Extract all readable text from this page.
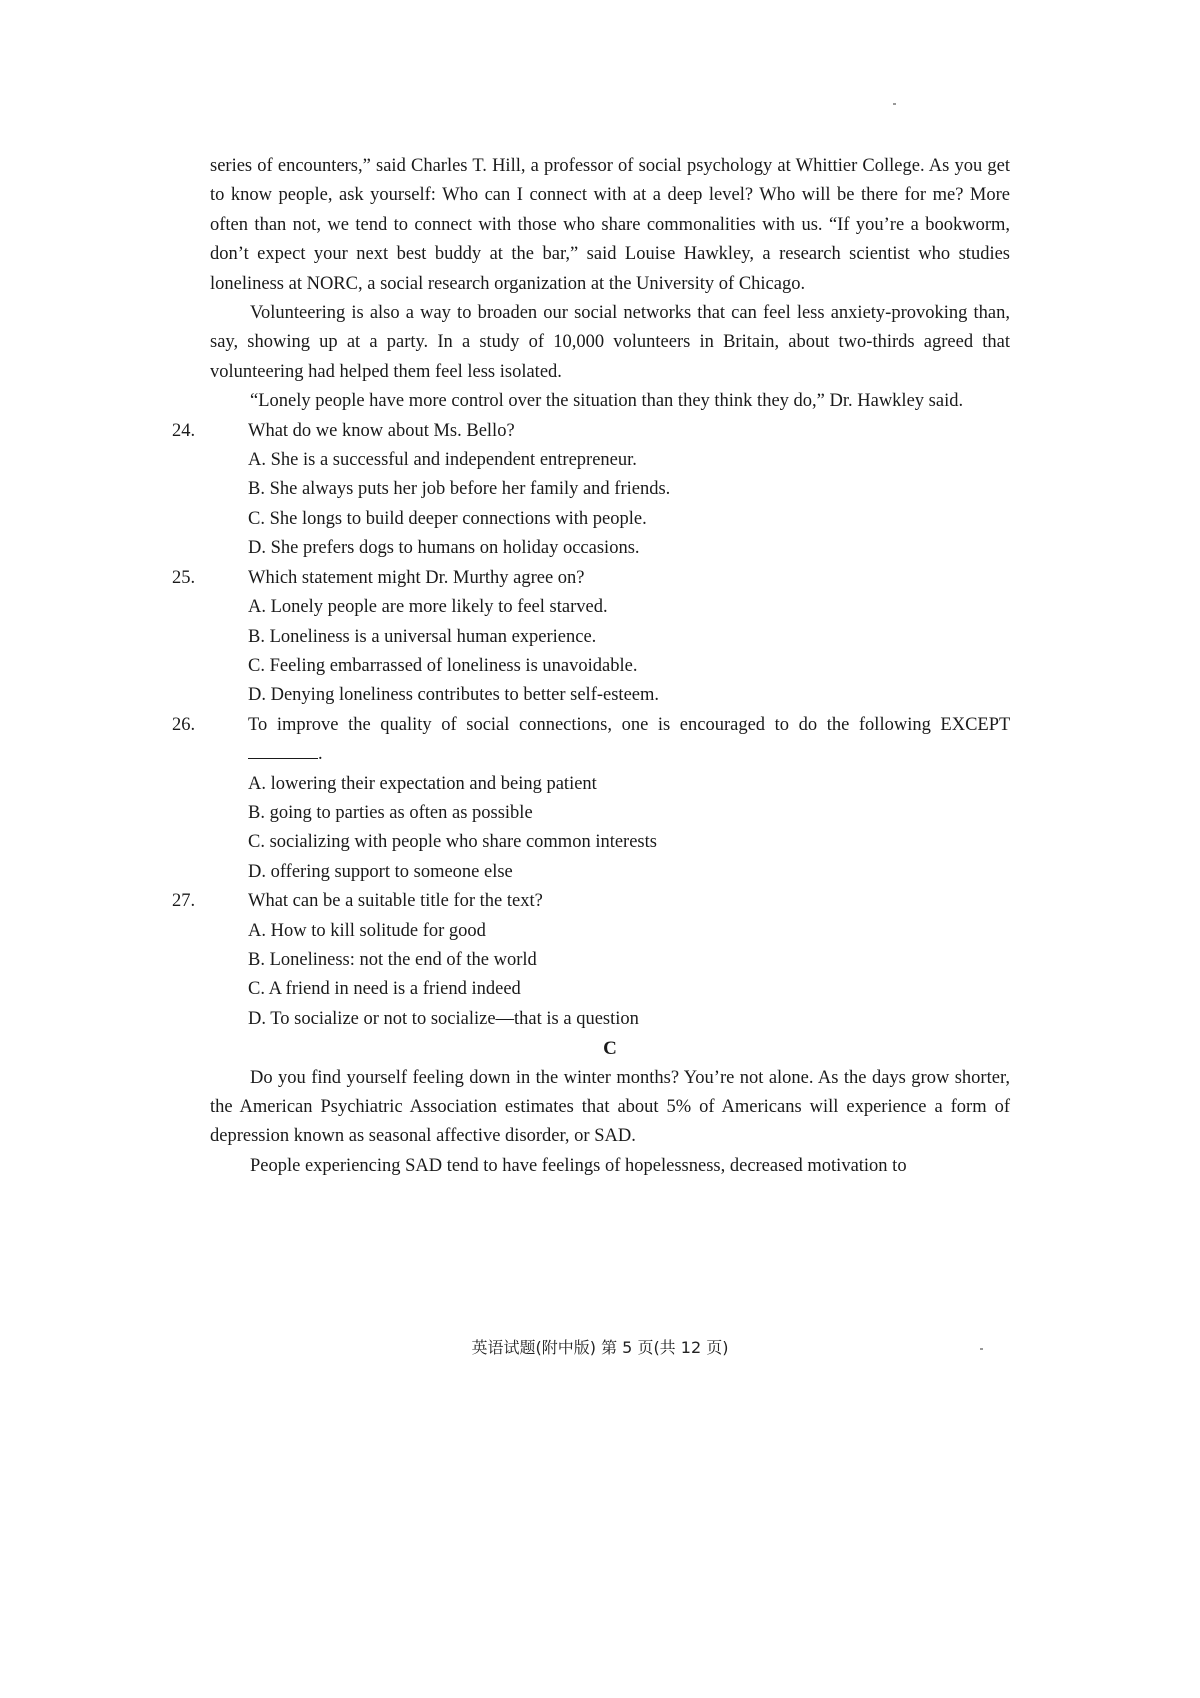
series of encounters,” said Charles T. Hill, a professor of social psychology at Whittier College. As you get to know people, ask yourself: Who can I connect with at a deep level? Who will be there for me? More often than not, we tend to connect with those who share commonalities with us. “If you’re a bookworm, don’t expect your next best buddy at the bar,” said Louise Hawkley, a research scientist who studies loneliness at NORC, a social research organization at the University of Chicago.

Volunteering is also a way to broaden our social networks that can feel less anxiety-provoking than, say, showing up at a party. In a study of 10,000 volunteers in Britain, about two-thirds agreed that volunteering had helped them feel less isolated.

“Lonely people have more control over the situation than they think they do,” Dr. Hawkley said.

24.	What do we know about Ms. Bello?

A. She is a successful and independent entrepreneur.
B. She always puts her job before her family and friends.
C. She longs to build deeper connections with people.
D. She prefers dogs to humans on holiday occasions.

25.	Which statement might Dr. Murthy agree on?

A. Lonely people are more likely to feel starved.
B. Loneliness is a universal human experience.
C. Feeling embarrassed of loneliness is unavoidable.
D. Denying loneliness contributes to better self-esteem.

26.	To improve the quality of social connections, one is encouraged to do the following EXCEPT .

A. lowering their expectation and being patient
B. going to parties as often as possible
C. socializing with people who share common interests
D. offering support to someone else

27.	What can be a suitable title for the text?

A. How to kill solitude for good
B. Loneliness: not the end of the world
C. A friend in need is a friend indeed
D. To socialize or not to socialize—that is a question

C

Do you find yourself feeling down in the winter months? You’re not alone. As the days grow shorter, the American Psychiatric Association estimates that about 5% of Americans will experience a form of depression known as seasonal affective disorder, or SAD.

People experiencing SAD tend to have feelings of hopelessness, decreased motivation to

英语试题(附中版) 第 5 页(共 12 页)
